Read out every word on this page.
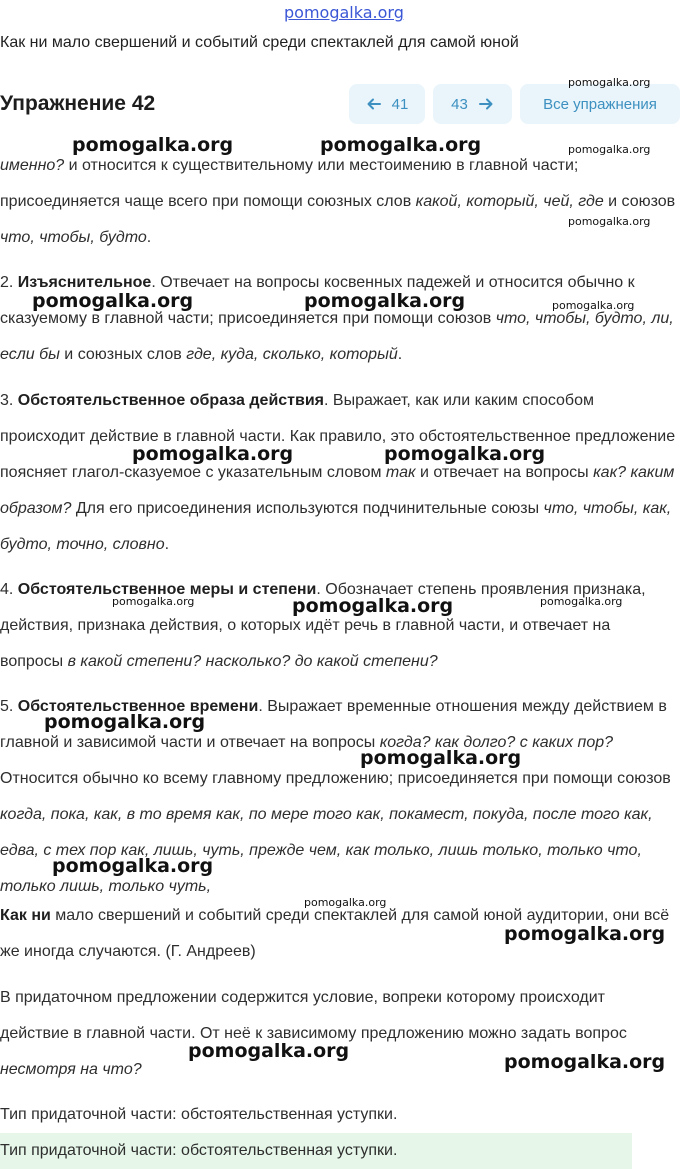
pomogalka.org
Как ни мало свершений и событий среди спектаклей для самой юной
Упражнение 42	41	43	Все упражнения
именно? и относится к существительному или местоимению в главной части; присоединяется чаще всего при помощи союзных слов какой, который, чей, где и союзов что, чтобы, будто.
2. Изъяснительное. Отвечает на вопросы косвенных падежей и относится обычно к сказуемому в главной части; присоединяется при помощи союзов что, чтобы, будто, ли, если бы и союзных слов где, куда, сколько, который.
3. Обстоятельственное образа действия. Выражает, как или каким способом происходит действие в главной части. Как правило, это обстоятельственное предложение поясняет глагол-сказуемое с указательным словом так и отвечает на вопросы как? каким образом? Для его присоединения используются подчинительные союзы что, чтобы, как, будто, точно, словно.
4. Обстоятельственное меры и степени. Обозначает степень проявления признака, действия, признака действия, о которых идёт речь в главной части, и отвечает на вопросы в какой степени? насколько? до какой степени?
5. Обстоятельственное времени. Выражает временные отношения между действием в главной и зависимой части и отвечает на вопросы когда? как долго? с каких пор? Относится обычно ко всему главному предложению; присоединяется при помощи союзов когда, пока, как, в то время как, по мере того как, покамест, покуда, после того как, едва, с тех пор как, лишь, чуть, прежде чем, как только, лишь только, только что, только лишь, только чуть,
Как ни мало свершений и событий среди спектаклей для самой юной аудитории, они всё же иногда случаются. (Г. Андреев)
В придаточном предложении содержится условие, вопреки которому происходит действие в главной части. От неё к зависимому предложению можно задать вопрос несмотря на что?
Тип придаточной части: обстоятельственная уступки.
Тип придаточной части: обстоятельственная уступки.
pomogalka.org
pomogalka.org	pomogalka.org	pomogalka.org
pomogalka.org
pomogalka.org	pomogalka.org	pomogalka.org
pomogalka.org	pomogalka.org
pomogalka.org	pomogalka.org	pomogalka.org
pomogalka.org
pomogalka.org
pomogalka.org
pomogalka.org
pomogalka.org
pomogalka.org	pomogalka.org
